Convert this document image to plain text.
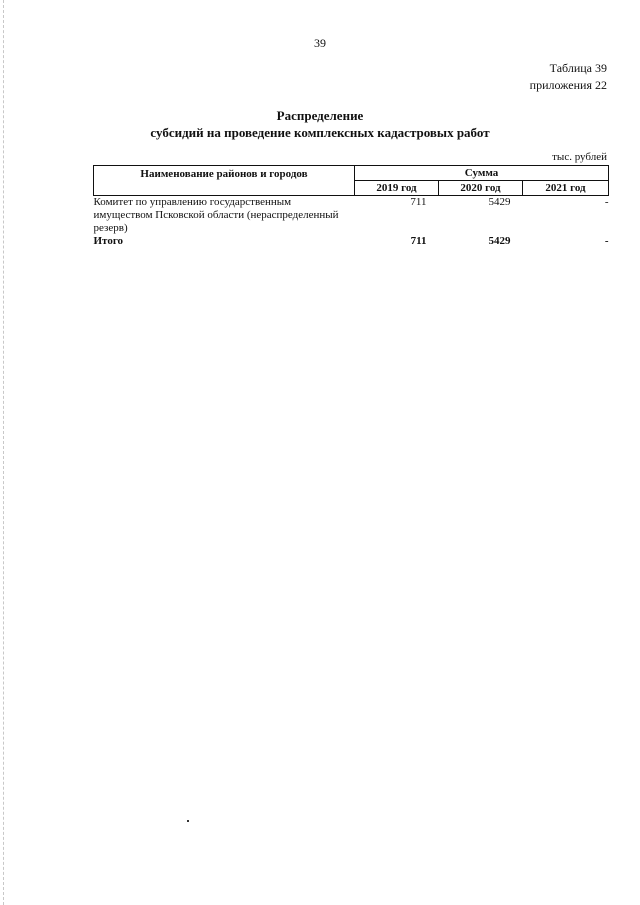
39
Таблица 39
приложения 22
Распределение
субсидий на проведение комплексных кадастровых работ
тыс. рублей
Наименование районов и городов	Сумма		
	2019 год	2020 год	2021 год
Комитет по управлению государственным имуществом Псковской области (нераспределенный резерв)	711	5429	-
Итого	711	5429	-
